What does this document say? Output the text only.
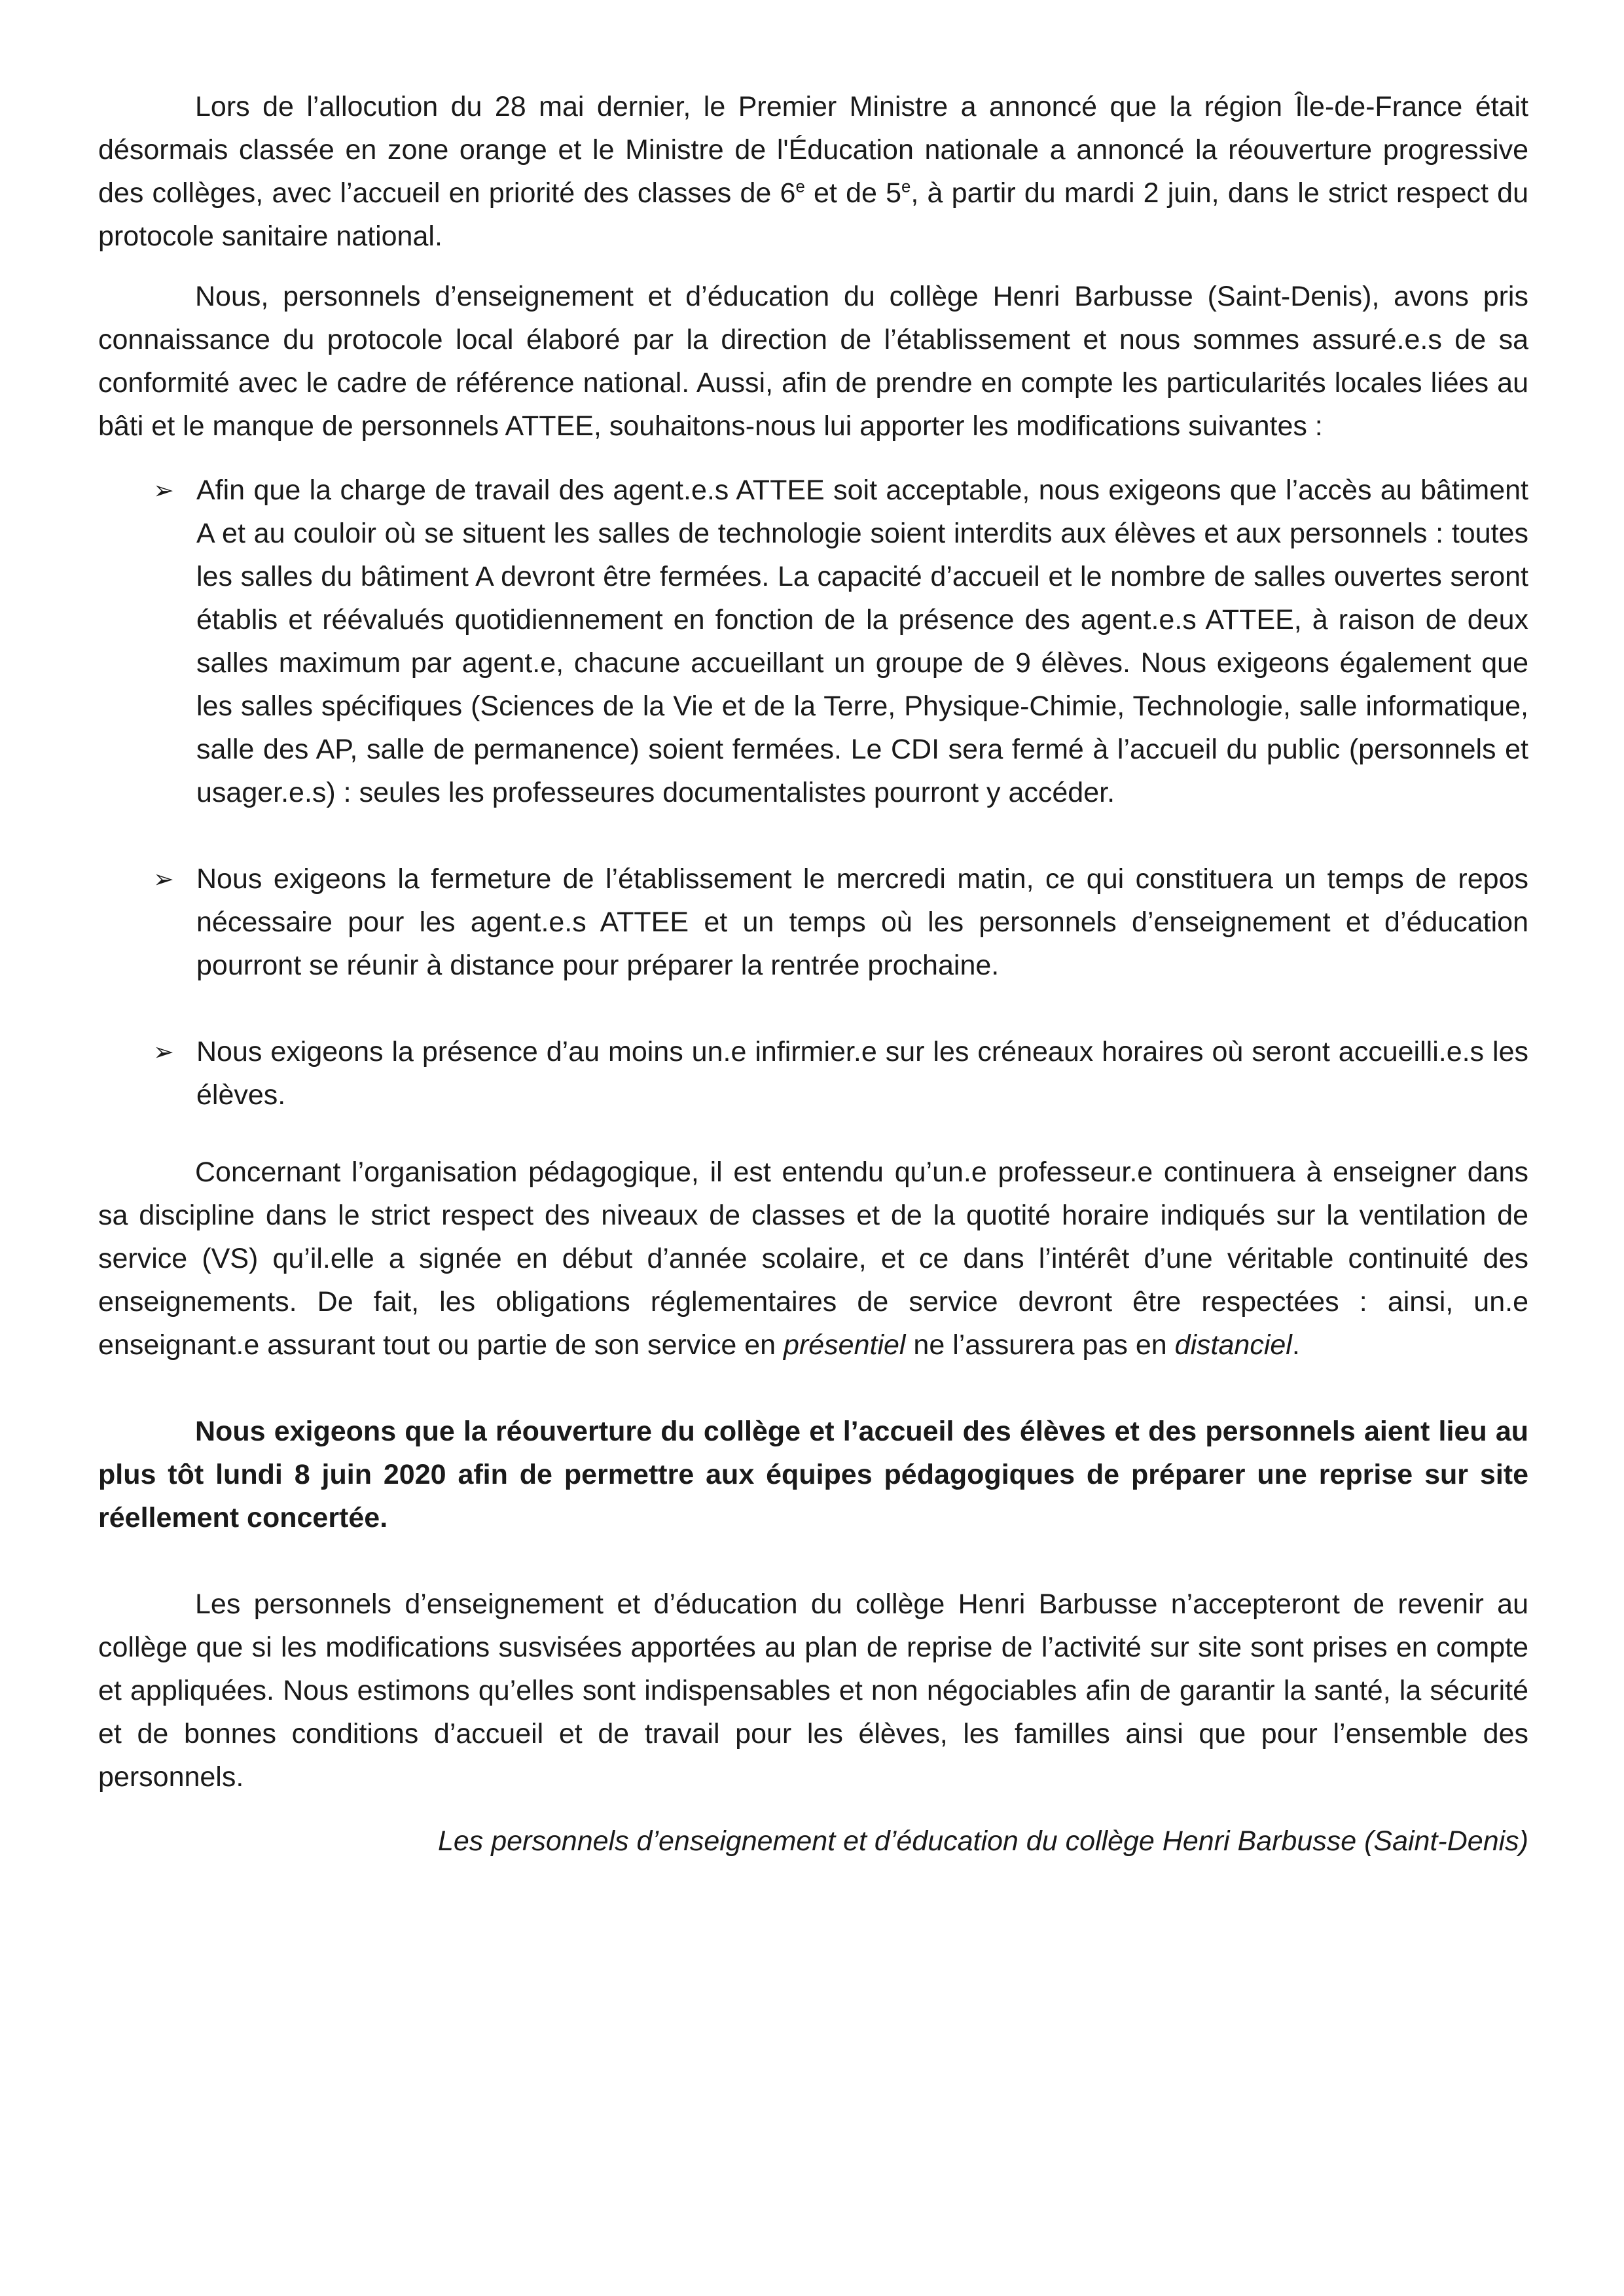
Lors de l’allocution du 28 mai dernier, le Premier Ministre a annoncé que la région Île-de-France était désormais classée en zone orange et le Ministre de l'Éducation nationale a annoncé la réouverture progressive des collèges, avec l’accueil en priorité des classes de 6e et de 5e, à partir du mardi 2 juin, dans le strict respect du protocole sanitaire national.

Nous, personnels d’enseignement et d’éducation du collège Henri Barbusse (Saint-Denis), avons pris connaissance du protocole local élaboré par la direction de l’établissement et nous sommes assuré.e.s de sa conformité avec le cadre de référence national. Aussi, afin de prendre en compte les particularités locales liées au bâti et le manque de personnels ATTEE, souhaitons-nous lui apporter les modifications suivantes :

➢ Afin que la charge de travail des agent.e.s ATTEE soit acceptable, nous exigeons que l’accès au bâtiment A et au couloir où se situent les salles de technologie soient interdits aux élèves et aux personnels : toutes les salles du bâtiment A devront être fermées. La capacité d’accueil et le nombre de salles ouvertes seront établis et réévalués quotidiennement en fonction de la présence des agent.e.s ATTEE, à raison de deux salles maximum par agent.e, chacune accueillant un groupe de 9 élèves. Nous exigeons également que les salles spécifiques (Sciences de la Vie et de la Terre, Physique-Chimie, Technologie, salle informatique, salle des AP, salle de permanence) soient fermées. Le CDI sera fermé à l’accueil du public (personnels et usager.e.s) : seules les professeures documentalistes pourront y accéder.
➢ Nous exigeons la fermeture de l’établissement le mercredi matin, ce qui constituera un temps de repos nécessaire pour les agent.e.s ATTEE et un temps où les personnels d’enseignement et d’éducation pourront se réunir à distance pour préparer la rentrée prochaine.
➢ Nous exigeons la présence d’au moins un.e infirmier.e sur les créneaux horaires où seront accueilli.e.s les élèves.

Concernant l’organisation pédagogique, il est entendu qu’un.e professeur.e continuera à enseigner dans sa discipline dans le strict respect des niveaux de classes et de la quotité horaire indiqués sur la ventilation de service (VS) qu’il.elle a signée en début d’année scolaire, et ce dans l’intérêt d’une véritable continuité des enseignements. De fait, les obligations réglementaires de service devront être respectées : ainsi, un.e enseignant.e assurant tout ou partie de son service en présentiel ne l’assurera pas en distanciel.

Nous exigeons que la réouverture du collège et l’accueil des élèves et des personnels aient lieu au plus tôt lundi 8 juin 2020 afin de permettre aux équipes pédagogiques de préparer une reprise sur site réellement concertée.

Les personnels d’enseignement et d’éducation du collège Henri Barbusse n’accepteront de revenir au collège que si les modifications susvisées apportées au plan de reprise de l’activité sur site sont prises en compte et appliquées. Nous estimons qu’elles sont indispensables et non négociables afin de garantir la santé, la sécurité et de bonnes conditions d’accueil et de travail pour les élèves, les familles ainsi que pour l’ensemble des personnels.

Les personnels d’enseignement et d’éducation du collège Henri Barbusse (Saint-Denis)
